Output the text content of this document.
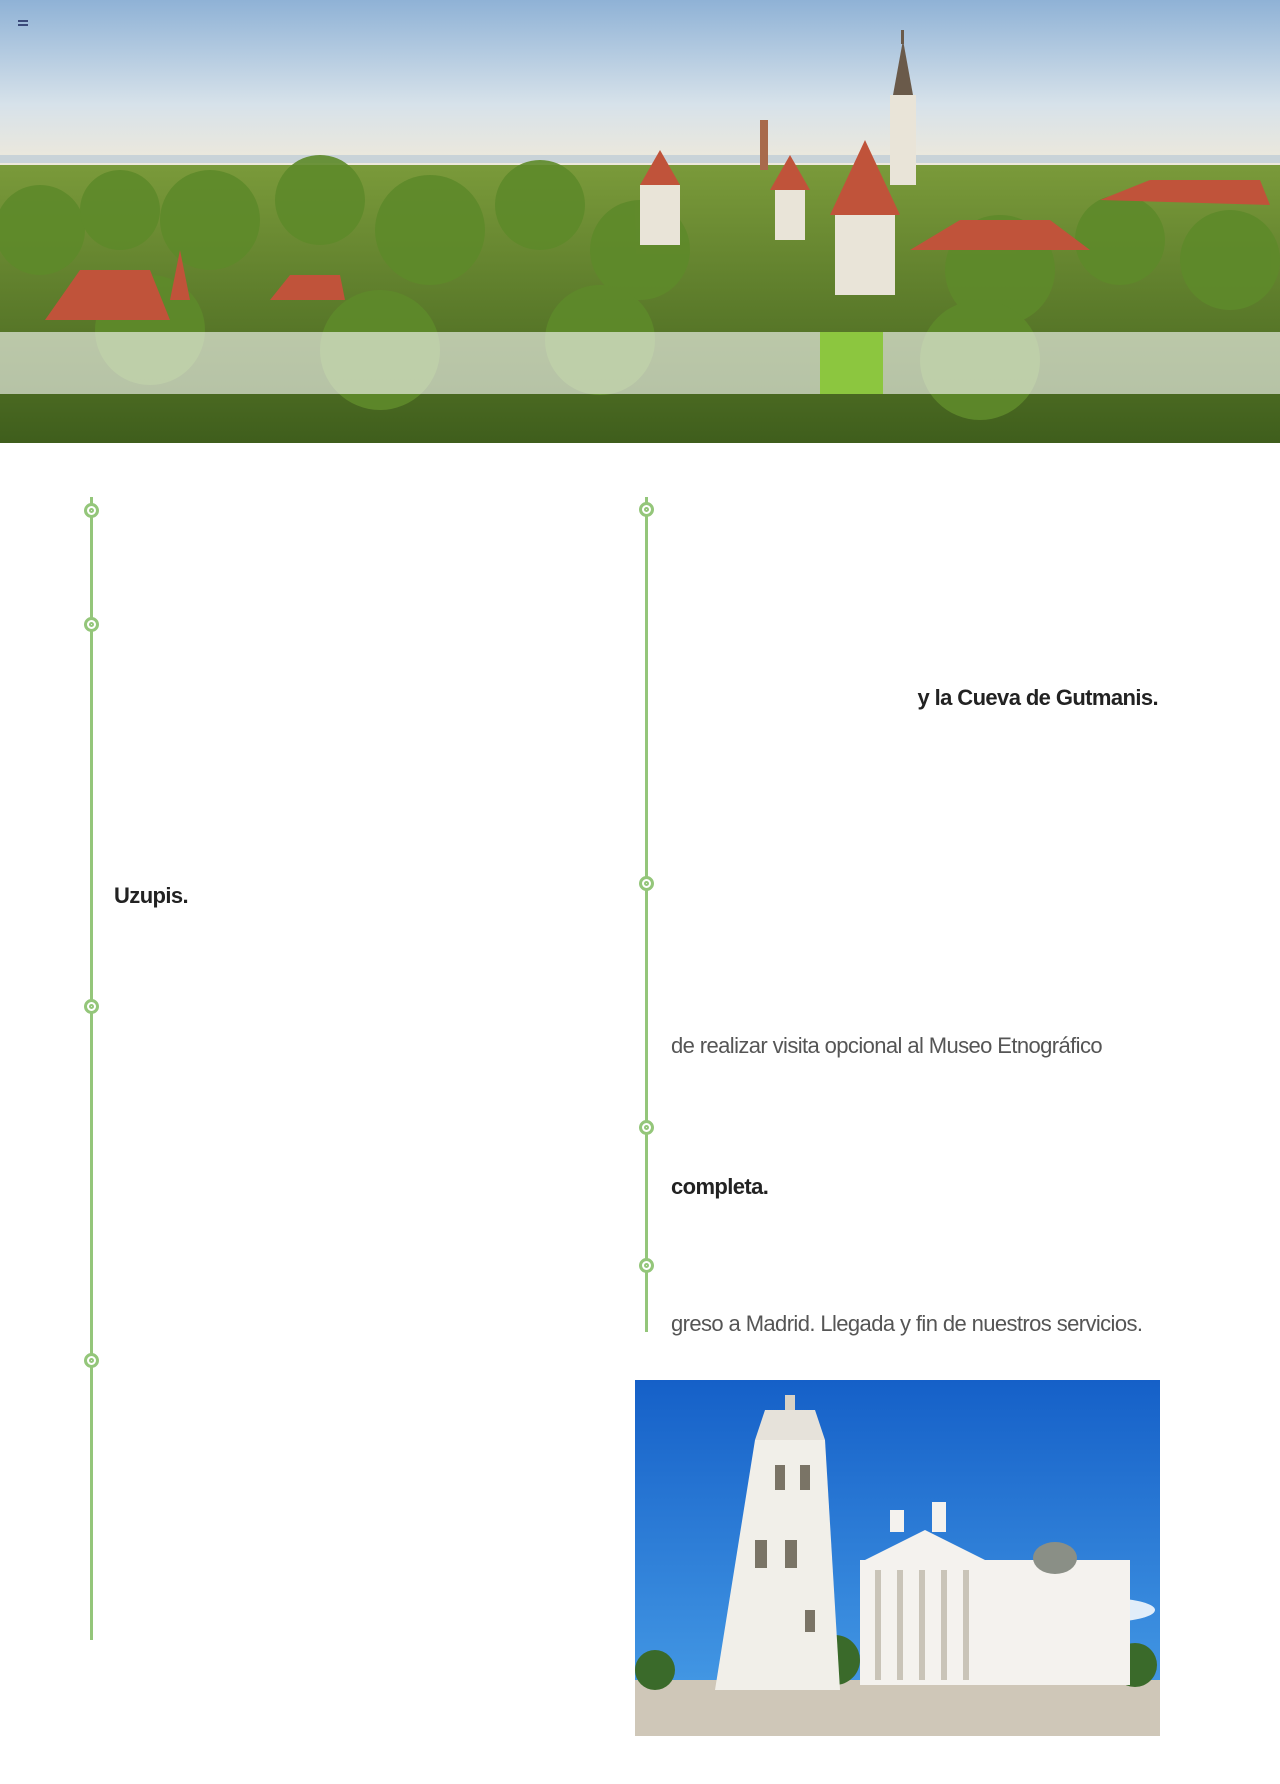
Uzupis.
y la Cueva de Gutmanis.
de realizar visita opcional al Museo Etnográfico
completa.
greso a Madrid. Llegada y fin de nuestros servicios.
